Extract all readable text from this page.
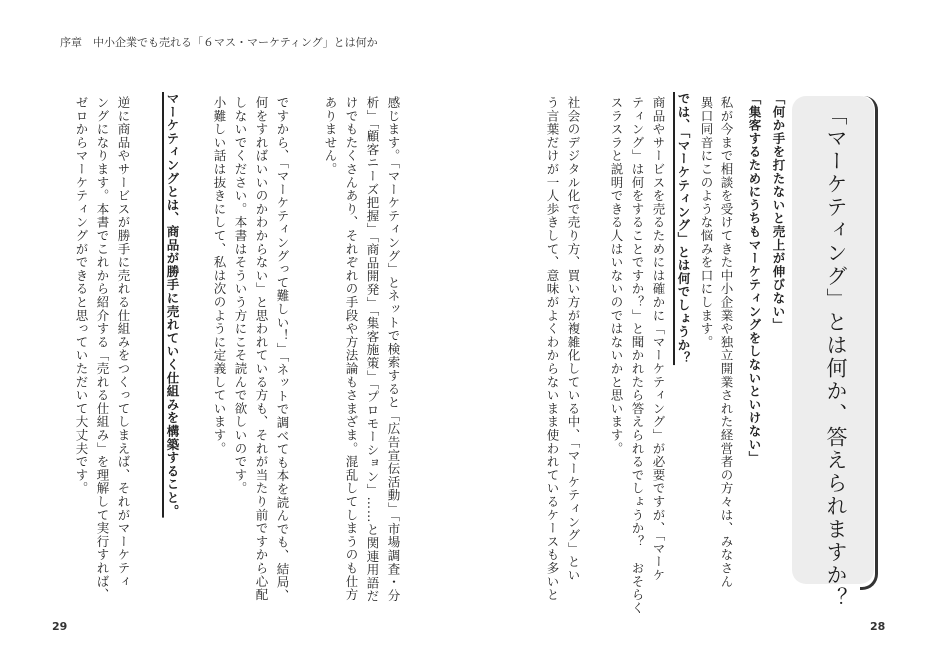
序章　中小企業でも売れる「６マス・マーケティング」とは何か
「マーケティング」とは何か、答えられますか？
「何か手を打たないと売上が伸びない」
「集客するためにうちもマーケティングをしないといけない」
私が今まで相談を受けてきた中小企業や独立開業された経営者の方々は、みなさん
異口同音にこのような悩みを口にします。
では、「マーケティング」とは何でしょうか？
商品やサービスを売るためには確かに「マーケティング」が必要ですが、「マーケ
ティング」は何をすることですか？」と聞かれたら答えられるでしょうか？　おそらく
スラスラと説明できる人はいないのではないかと思います。
社会のデジタル化で売り方、買い方が複雑化している中、「マーケティング」とい
う言葉だけが一人歩きして、意味がよくわからないまま使われているケースも多いと
28
感じます。「マーケティング」とネットで検索すると「広告宣伝活動」「市場調査・分
析」「顧客ニーズ把握」「商品開発」「集客施策」「プロモーション」……と関連用語だ
けでもたくさんあり、それぞれの手段や方法論もさまざま。混乱してしまうのも仕方
ありません。
ですから、「マーケティングって難しい！」「ネットで調べても本を読んでも、結局、
何をすればいいのかわからない」と思われている方も、それが当たり前ですから心配
しないでください。本書はそういう方にこそ読んで欲しいのです。
小難しい話は抜きにして、私は次のように定義しています。
マーケティングとは、商品が勝手に売れていく仕組みを構築すること。
逆に商品やサービスが勝手に売れる仕組みをつくってしまえば、それがマーケティ
ングになります。本書でこれから紹介する「売れる仕組み」を理解して実行すれば、
ゼロからマーケティングができると思っていただいて大丈夫です。
29
